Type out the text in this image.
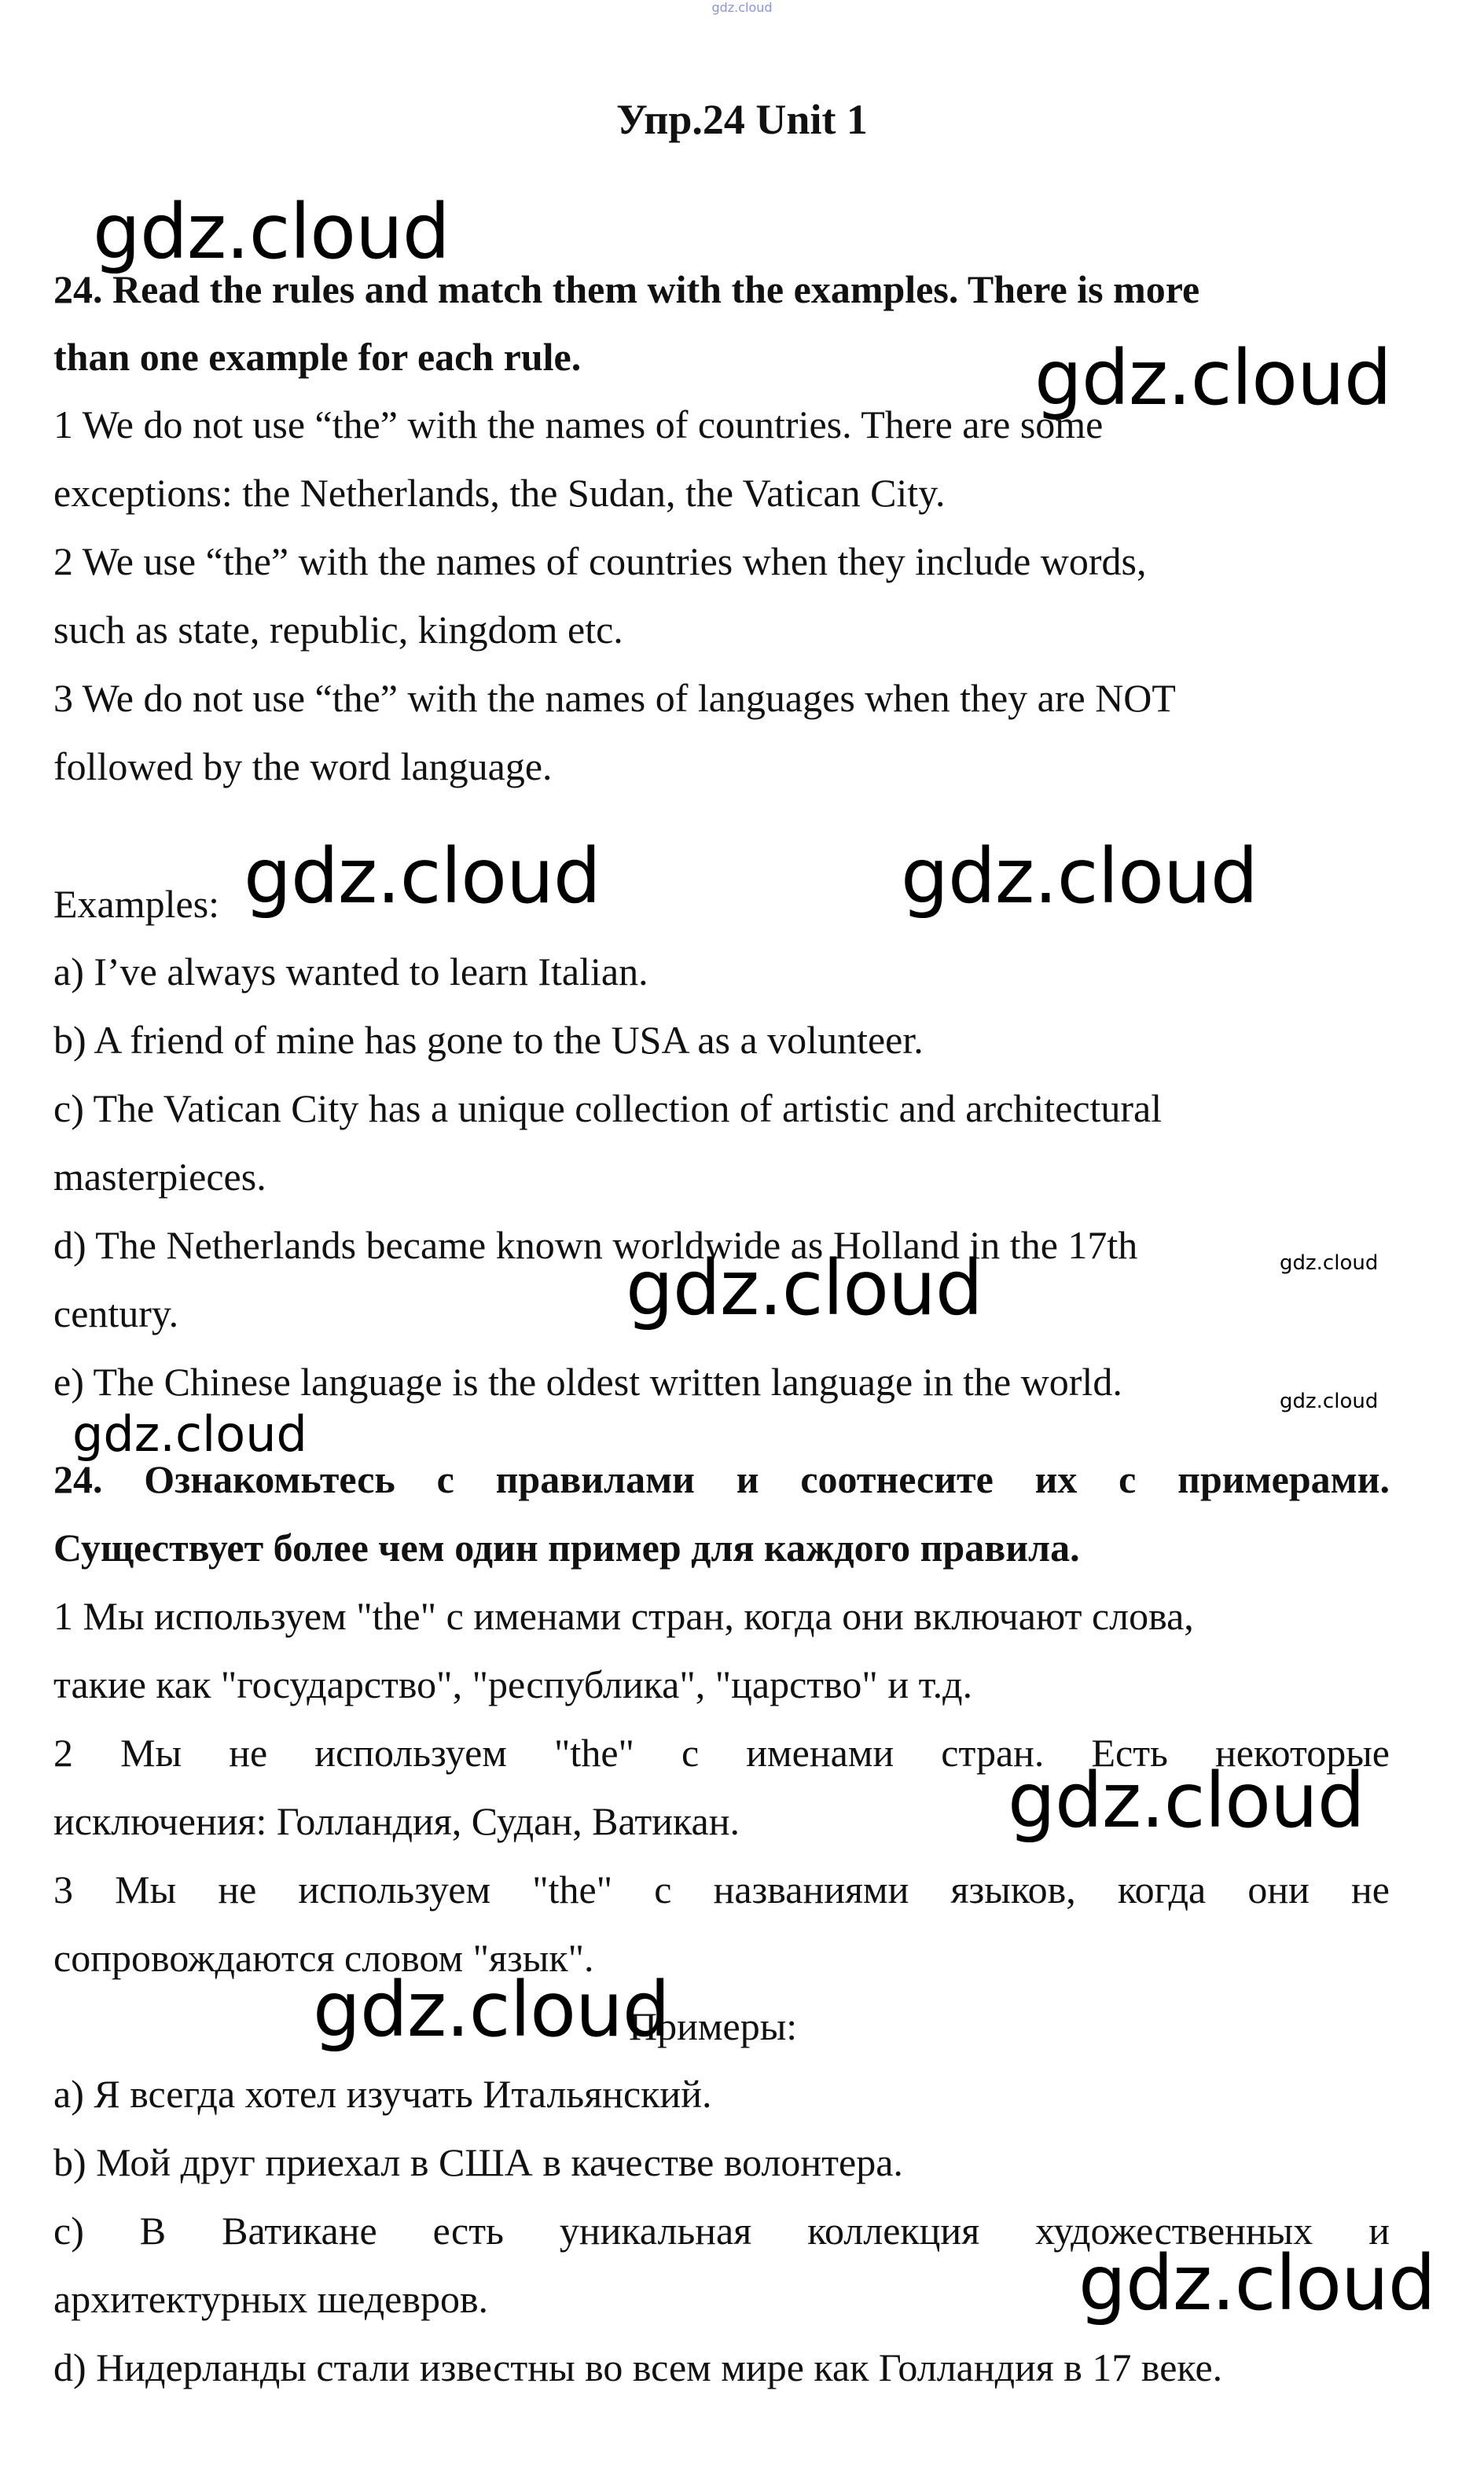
gdz.cloud
Упр.24 Unit 1

24. Read the rules and match them with the examples. There is more

than one example for each rule.

1 We do not use “the” with the names of countries. There are some

exceptions: the Netherlands, the Sudan, the Vatican City.

2 We use “the” with the names of countries when they include words,

such as state, republic, kingdom etc.

3 We do not use “the” with the names of languages when they are NOT

followed by the word language.

Examples:

a) I’ve always wanted to learn Italian.

b) A friend of mine has gone to the USA as a volunteer.

c) The Vatican City has a unique collection of artistic and architectural

masterpieces.

d) The Netherlands became known worldwide as Holland in the 17th

century.

e) The Chinese language is the oldest written language in the world.

24. Ознакомьтесь с правилами и соотнесите их с примерами.

Существует более чем один пример для каждого правила.

1 Мы используем "the" с именами стран, когда они включают слова,

такие как "государство", "республика", "царство" и т.д.

2 Мы не используем "the" с именами стран. Есть некоторые

исключения: Голландия, Судан, Ватикан.

3 Мы не используем "the" с названиями языков, когда они не

сопровождаются словом "язык".

Примеры:

a) Я всегда хотел изучать Итальянский.

b) Мой друг приехал в США в качестве волонтера.

c) В Ватикане есть уникальная коллекция художественных и

архитектурных шедевров.

d) Нидерланды стали известны во всем мире как Голландия в 17 веке.

gdz.cloud
gdz.cloud
gdz.cloud	gdz.cloud
gdz.cloud
gdz.cloud
gdz.cloud
gdz.cloud
gdz.cloud
gdz.cloud
gdz.cloud
